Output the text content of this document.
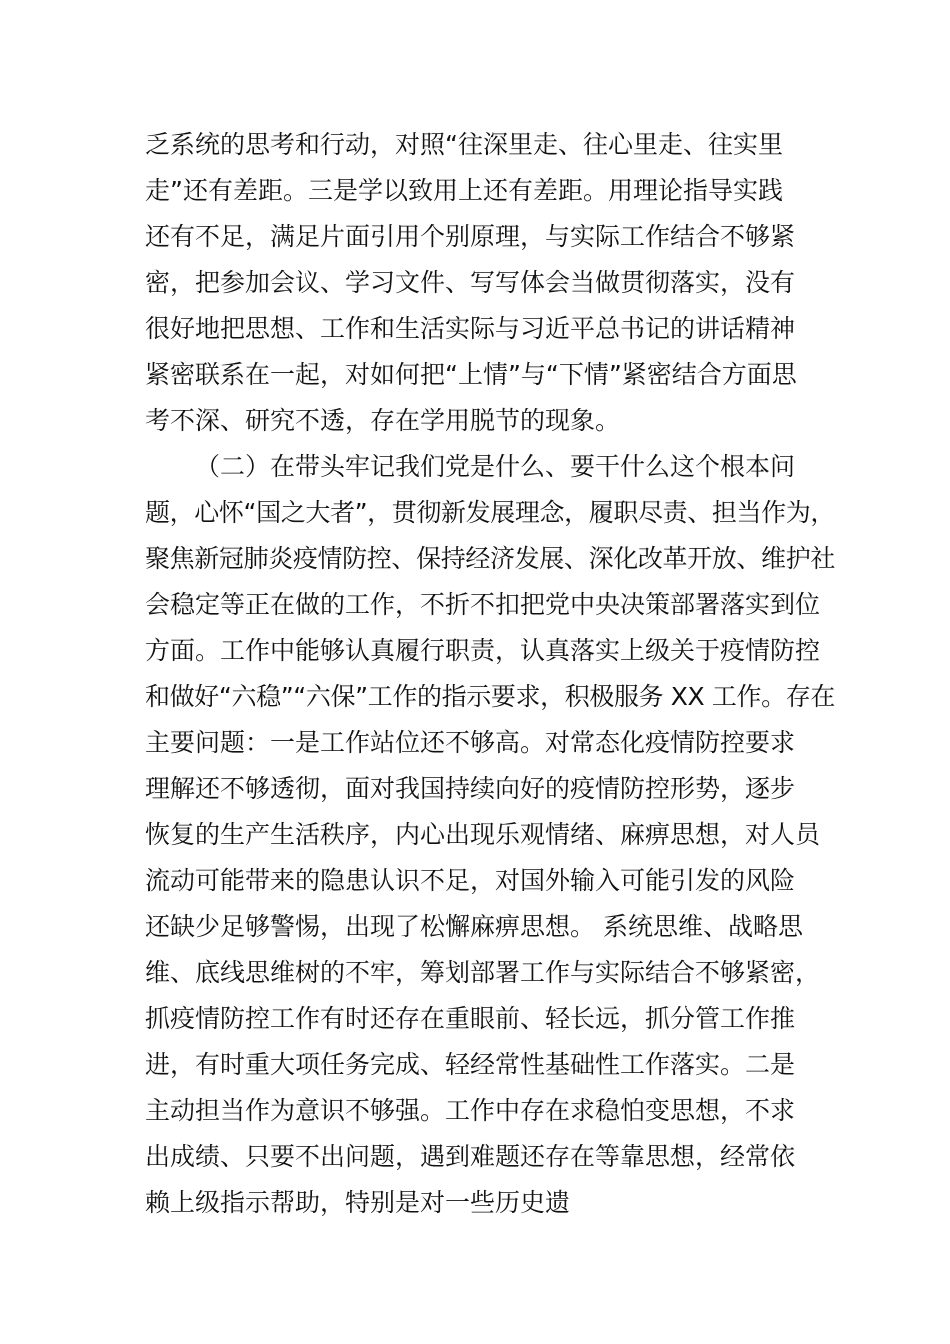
乏系统的思考和行动，对照“往深里走、往心里走、往实里
走”还有差距。三是学以致用上还有差距。用理论指导实践
还有不足，满足片面引用个别原理，与实际工作结合不够紧
密，把参加会议、学习文件、写写体会当做贯彻落实，没有
很好地把思想、工作和生活实际与习近平总书记的讲话精神
紧密联系在一起，对如何把“上情”与“下情”紧密结合方面思
考不深、研究不透，存在学用脱节的现象。
（二）在带头牢记我们党是什么、要干什么这个根本问
题，心怀“国之大者”，贯彻新发展理念，履职尽责、担当作为，
聚焦新冠肺炎疫情防控、保持经济发展、深化改革开放、维护社
会稳定等正在做的工作，不折不扣把党中央决策部署落实到位
方面。工作中能够认真履行职责，认真落实上级关于疫情防控
和做好“六稳”“六保”工作的指示要求，积极服务 XX 工作。存在
主要问题：一是工作站位还不够高。对常态化疫情防控要求
理解还不够透彻，面对我国持续向好的疫情防控形势，逐步
恢复的生产生活秩序，内心出现乐观情绪、麻痹思想，对人员
流动可能带来的隐患认识不足，对国外输入可能引发的风险
还缺少足够警惕，出现了松懈麻痹思想。 系统思维、战略思
维、底线思维树的不牢，筹划部署工作与实际结合不够紧密，
抓疫情防控工作有时还存在重眼前、轻长远，抓分管工作推
进，有时重大项任务完成、轻经常性基础性工作落实。二是
主动担当作为意识不够强。工作中存在求稳怕变思想，不求
出成绩、只要不出问题，遇到难题还存在等靠思想，经常依
赖上级指示帮助，特别是对一些历史遗
